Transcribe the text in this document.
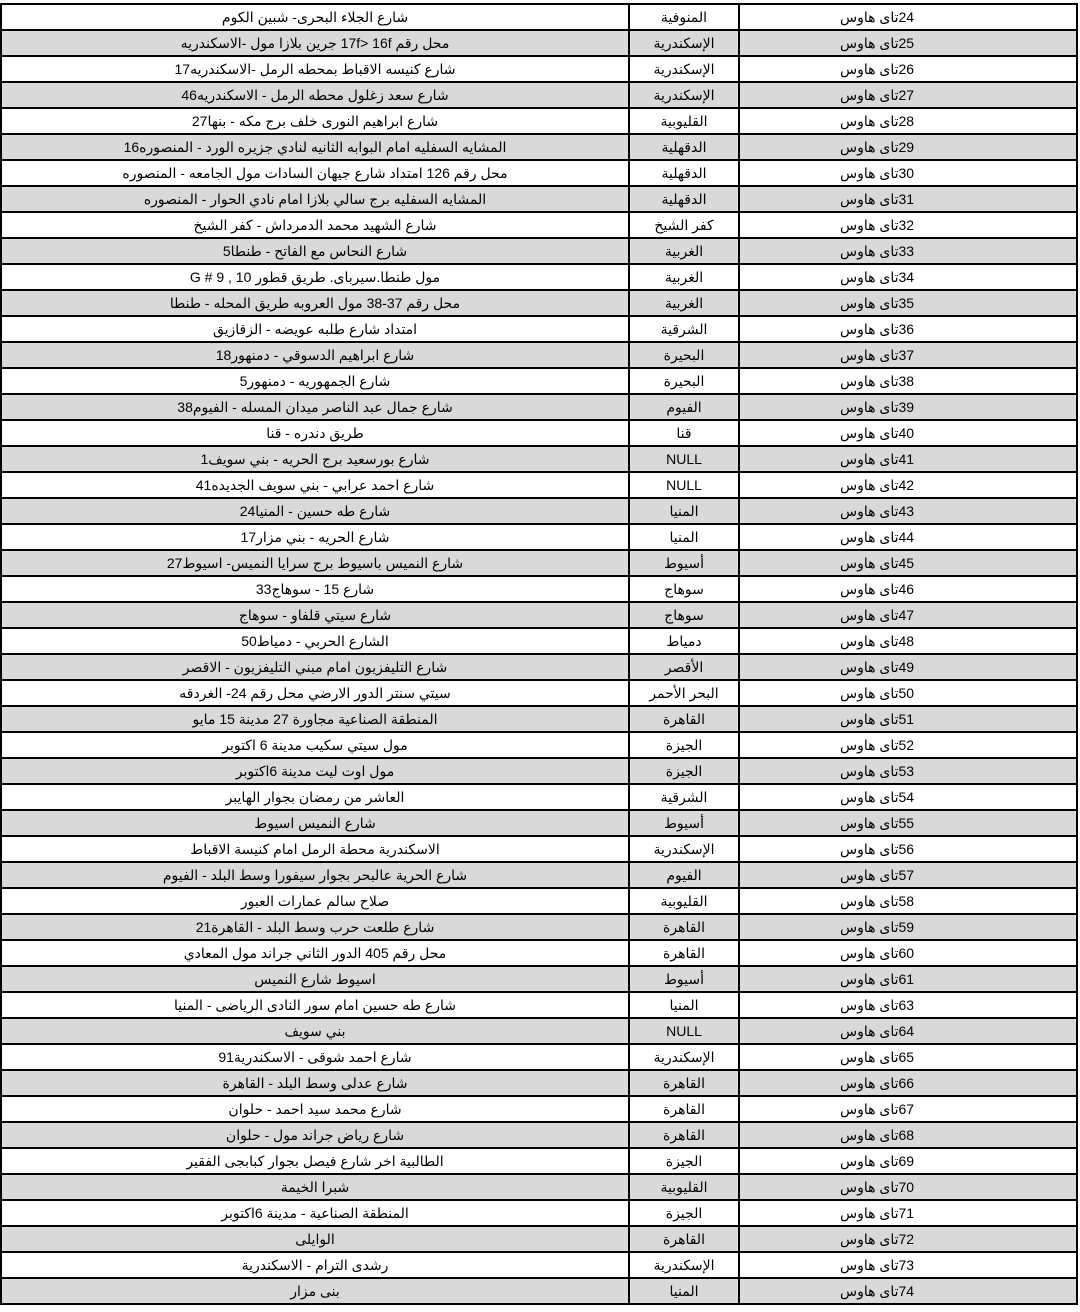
شارع الجلاء البحرى- شبين الكوم	المنوفية	تاى هاوس 24
محل رقم 17f> 16f جرين بلازا مول -الاسكندريه	الإسكندرية	تاى هاوس 25
17شارع كنيسه الاقباط بمحطه الرمل -الاسكندريه	الإسكندرية	تاى هاوس 26
46شارع سعد زغلول محطه الرمل - الاسكندريه	الإسكندرية	تاى هاوس 27
27شارع ابراهيم النورى خلف برج مكه - بنها	القليوبية	تاى هاوس 28
16المشايه السفليه امام البوابه الثانيه لنادي جزيره الورد - المنصوره	الدقهلية	تاى هاوس 29
محل رقم 126 امتداد شارع جيهان السادات مول الجامعه - المنصوره	الدقهلية	تاى هاوس 30
المشايه السفليه برج سالي بلازا امام نادي الحوار - المنصوره	الدقهلية	تاى هاوس 31
شارع الشهيد محمد الدمرداش - كفر الشيخ	كفر الشيخ	تاى هاوس 32
5شارع النحاس مع الفاتح - طنطا	الغربية	تاى هاوس 33
مول طنطا.سيرباى. طريق قطور 10 , 9 # G	الغربية	تاى هاوس 34
محل رقم 37-38 مول العروبه طريق المحله - طنطا	الغربية	تاى هاوس 35
امتداد شارع طلبه عويضه - الزقازيق	الشرقية	تاى هاوس 36
18شارع ابراهيم الدسوقي - دمنهور	البحيرة	تاى هاوس 37
5شارع الجمهوريه - دمنهور	البحيرة	تاى هاوس 38
38شارع جمال عبد الناصر ميدان المسله - الفيوم	الفيوم	تاى هاوس 39
طريق دندره - قنا	قنا	تاى هاوس 40
1شارع بورسعيد برج الحريه - بني سويف	NULL	تاى هاوس 41
41شارع احمد عرابي - بني سويف الجديده	NULL	تاى هاوس 42
24شارع طه حسين - المنيا	المنيا	تاى هاوس 43
17شارع الحريه - بني مزار	المنيا	تاى هاوس 44
27شارع النميس باسيوط برج سرايا النميس- اسيوط	أسيوط	تاى هاوس 45
33شارع 15 - سوهاج	سوهاج	تاى هاوس 46
شارع سيتي قلفاو - سوهاج	سوهاج	تاى هاوس 47
50الشارع الحربي - دمياط	دمياط	تاى هاوس 48
شارع التليفزيون امام مبني التليفزيون - الاقصر	الأقصر	تاى هاوس 49
سيتي سنتر الدور الارضي محل رقم 24- الغردقه	البحر الأحمر	تاى هاوس 50
المنطقة الصناعية مجاورة 27 مدينة 15 مايو	القاهرة	تاى هاوس 51
مول سيتي سكيب مدينة 6 اكتوبر	الجيزة	تاى هاوس 52
مول اوت ليت مدينة 6اكتوبر	الجيزة	تاى هاوس 53
العاشر من رمضان بجوار الهايبر	الشرقية	تاى هاوس 54
شارع النميس اسيوط	أسيوط	تاى هاوس 55
الاسكندرية محطة الرمل امام كنيسة الاقباط	الإسكندرية	تاى هاوس 56
شارع الحرية عالبحر بجوار سيفورا وسط البلد - الفيوم	الفيوم	تاى هاوس 57
صلاح سالم عمارات العبور	القليوبية	تاى هاوس 58
21شارع طلعت حرب وسط البلد - القاهرة	القاهرة	تاى هاوس 59
محل رقم 405 الدور الثاني جراند مول المعادي	القاهرة	تاى هاوس 60
اسيوط شارع النميس	أسيوط	تاى هاوس 61
شارع طه حسين امام سور النادى الرياضى - المنيا	المنيا	تاى هاوس 63
بني سويف	NULL	تاى هاوس 64
91شارع احمد شوقى - الاسكندرية	الإسكندرية	تاى هاوس 65
شارع عدلى وسط البلد - القاهرة	القاهرة	تاى هاوس 66
شارع محمد سيد احمد - حلوان	القاهرة	تاى هاوس 67
شارع رياض جراند مول - حلوان	القاهرة	تاى هاوس 68
الطالبية اخر شارع فيصل بجوار كبابجى الفقير	الجيزة	تاى هاوس 69
شبرا الخيمة	القليوبية	تاى هاوس 70
المنطقة الصناعية - مدينة 6اكتوبر	الجيزة	تاى هاوس 71
الوايلى	القاهرة	تاى هاوس 72
رشدى الترام - الاسكندرية	الإسكندرية	تاى هاوس 73
بنى مزار	المنيا	تاى هاوس 74
